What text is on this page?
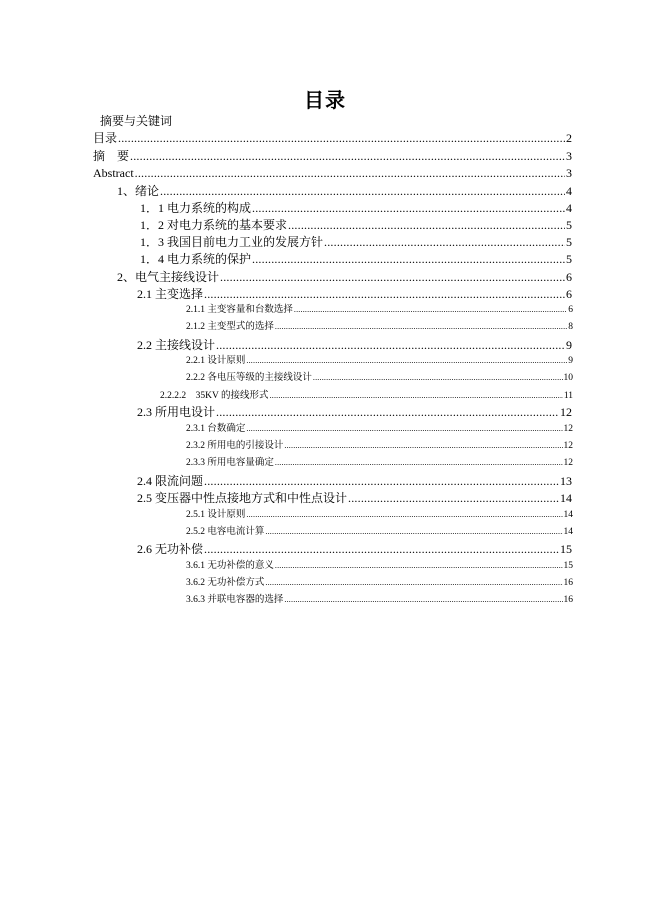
目录
摘要与关键词
目录 .....	2
摘　要 .....	3
Abstract .....	3
1、绪论 .....	4
1．1 电力系统的构成 .....	4
1．2 对电力系统的基本要求 .....	5
1．3 我国目前电力工业的发展方针 .....	5
1．4 电力系统的保护 .....	5
2、电气主接线设计 .....	6
2.1 主变选择 .....	6
2.1.1 主变容量和台数选择 .....	6
2.1.2 主变型式的选择 .....	8
2.2 主接线设计 .....	9
2.2.1 设计原则 .....	9
2.2.2 各电压等级的主接线设计 .....	10
2.2.2.2　35KV 的接线形式 .....	11
2.3 所用电设计 .....	12
2.3.1 台数确定 .....	12
2.3.2 所用电的引接设计 .....	12
2.3.3 所用电容量确定 .....	12
2.4 限流问题 .....	13
2.5 变压器中性点接地方式和中性点设计 .....	14
2.5.1 设计原则 .....	14
2.5.2 电容电流计算 .....	14
2.6 无功补偿 .....	15
3.6.1 无功补偿的意义 .....	15
3.6.2 无功补偿方式 .....	16
3.6.3 并联电容器的选择 .....	16
